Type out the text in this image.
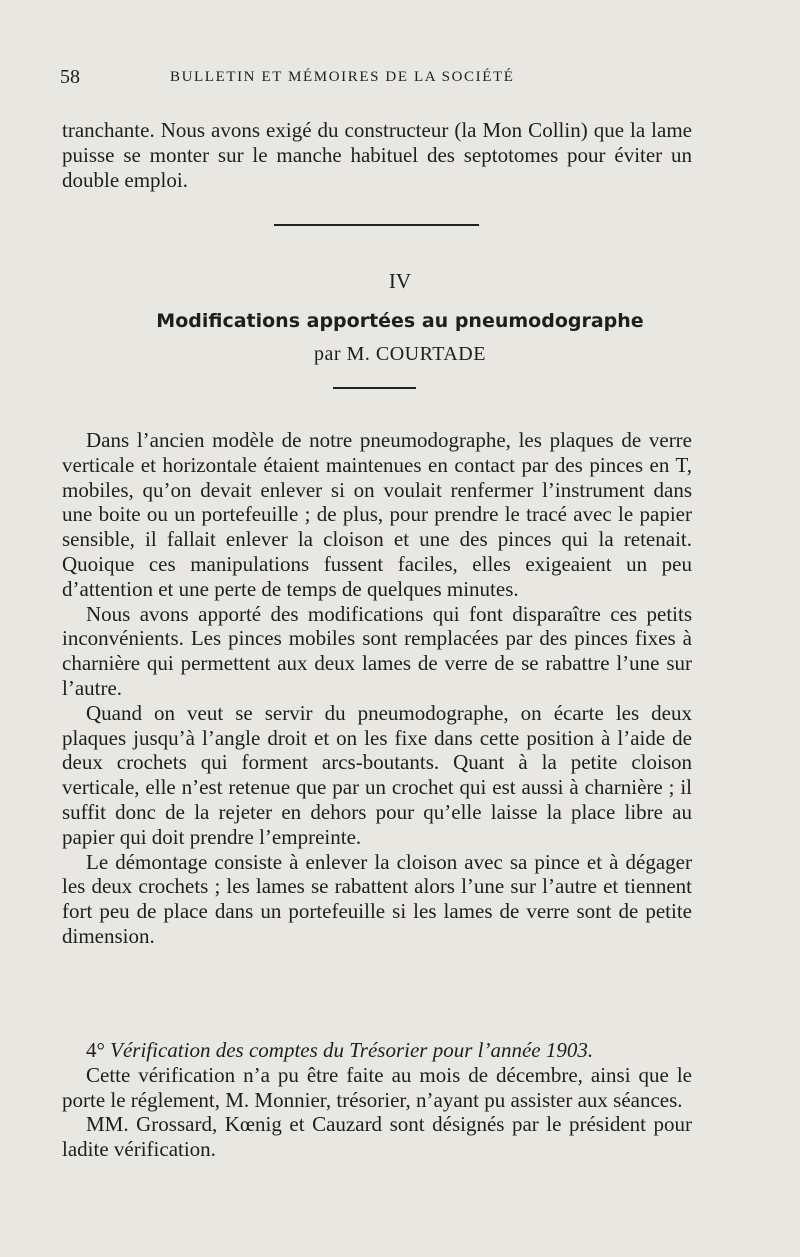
58	BULLETIN ET MÉMOIRES DE LA SOCIÉTÉ

tranchante. Nous avons exigé du constructeur (la Mon Collin) que la lame puisse se monter sur le manche habituel des septotomes pour éviter un double emploi.

IV
Modifications apportées au pneumodographe
par M. COURTADE

Dans l’ancien modèle de notre pneumodographe, les plaques de verre verticale et horizontale étaient maintenues en contact par des pinces en T, mobiles, qu’on devait enlever si on voulait renfermer l’instrument dans une boite ou un portefeuille ; de plus, pour prendre le tracé avec le papier sensible, il fallait enlever la cloison et une des pinces qui la retenait. Quoique ces manipulations fussent faciles, elles exigeaient un peu d’attention et une perte de temps de quelques minutes.

Nous avons apporté des modifications qui font disparaître ces petits inconvénients. Les pinces mobiles sont remplacées par des pinces fixes à charnière qui permettent aux deux lames de verre de se rabattre l’une sur l’autre.

Quand on veut se servir du pneumodographe, on écarte les deux plaques jusqu’à l’angle droit et on les fixe dans cette position à l’aide de deux crochets qui forment arcs-boutants. Quant à la petite cloison verticale, elle n’est retenue que par un crochet qui est aussi à charnière ; il suffit donc de la rejeter en dehors pour qu’elle laisse la place libre au papier qui doit prendre l’empreinte.

Le démontage consiste à enlever la cloison avec sa pince et à dégager les deux crochets ; les lames se rabattent alors l’une sur l’autre et tiennent fort peu de place dans un portefeuille si les lames de verre sont de petite dimension.

4° Vérification des comptes du Trésorier pour l’année 1903.

Cette vérification n’a pu être faite au mois de décembre, ainsi que le porte le réglement, M. Monnier, trésorier, n’ayant pu assister aux séances.

MM. Grossard, Kœnig et Cauzard sont désignés par le président pour ladite vérification.
